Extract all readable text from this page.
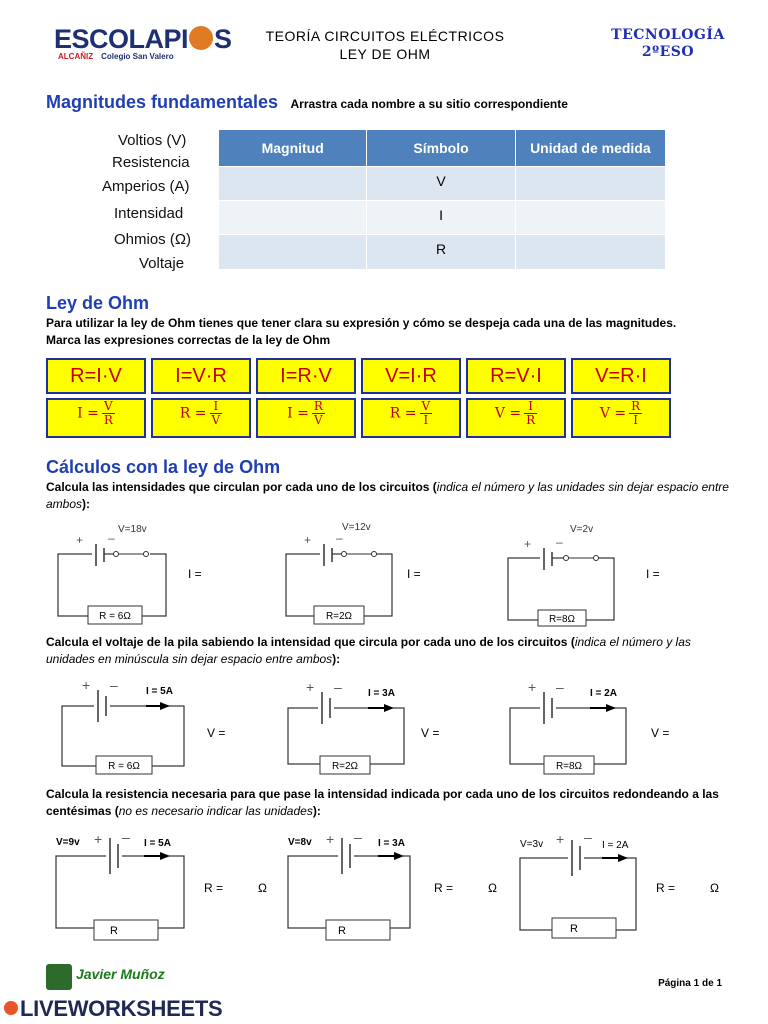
ESCOLAPI S
ALCAÑIZ Colegio San Valero
TEORÍA CIRCUITOS ELÉCTRICOS
LEY DE OHM
TECNOLOGÍA
2ºESO
Magnitudes fundamentales Arrastra cada nombre a su sitio correspondiente
Voltios (V)
Resistencia
Amperios (A)
Intensidad
Ohmios (Ω)
Voltaje
Magnitud	Símbolo	Unidad de medida
	V	
	I	
	R	
Ley de Ohm
Para utilizar la ley de Ohm tienes que tener clara su expresión y cómo se despeja cada una de las magnitudes.
Marca las expresiones correctas de la ley de Ohm
R=I·V	I=V·R	I=R·V	V=I·R	R=V·I	V=R·I
$I = \frac{V}{R}$	$R = \frac{I}{V}$	$I = \frac{R}{V}$	$R = \frac{V}{I}$	$V = \frac{I}{R}$	$V = \frac{R}{I}$
Cálculos con la ley de Ohm
Calcula las intensidades que circulan por cada uno de los circuitos (indica el número y las unidades sin dejar espacio entre ambos):
+ –
R = 6Ω
V=18v
I =
+ –
R=2Ω
V=12v
I =
+ –
R=8Ω
V=2v
I =
Calcula el voltaje de la pila sabiendo la intensidad que circula por cada uno de los circuitos (indica el número y las unidades en minúscula sin dejar espacio entre ambos):
+ –	I = 5A
R = 6Ω
V =
+ –	I = 3A
R=2Ω
V =
+ –	I = 2A
R=8Ω
V =
Calcula la resistencia necesaria para que pase la intensidad indicada por cada uno de los circuitos redondeando a las centésimas (no es necesario indicar las unidades):
+ –
V=9v	I = 5A
R
R =	Ω
+ –
V=8v	I = 3A
R
R =	Ω
+ –
V=3v	I = 2A
R
R =	Ω
Javier Muñoz
Página 1 de 1
LIVEWORKSHEETS
